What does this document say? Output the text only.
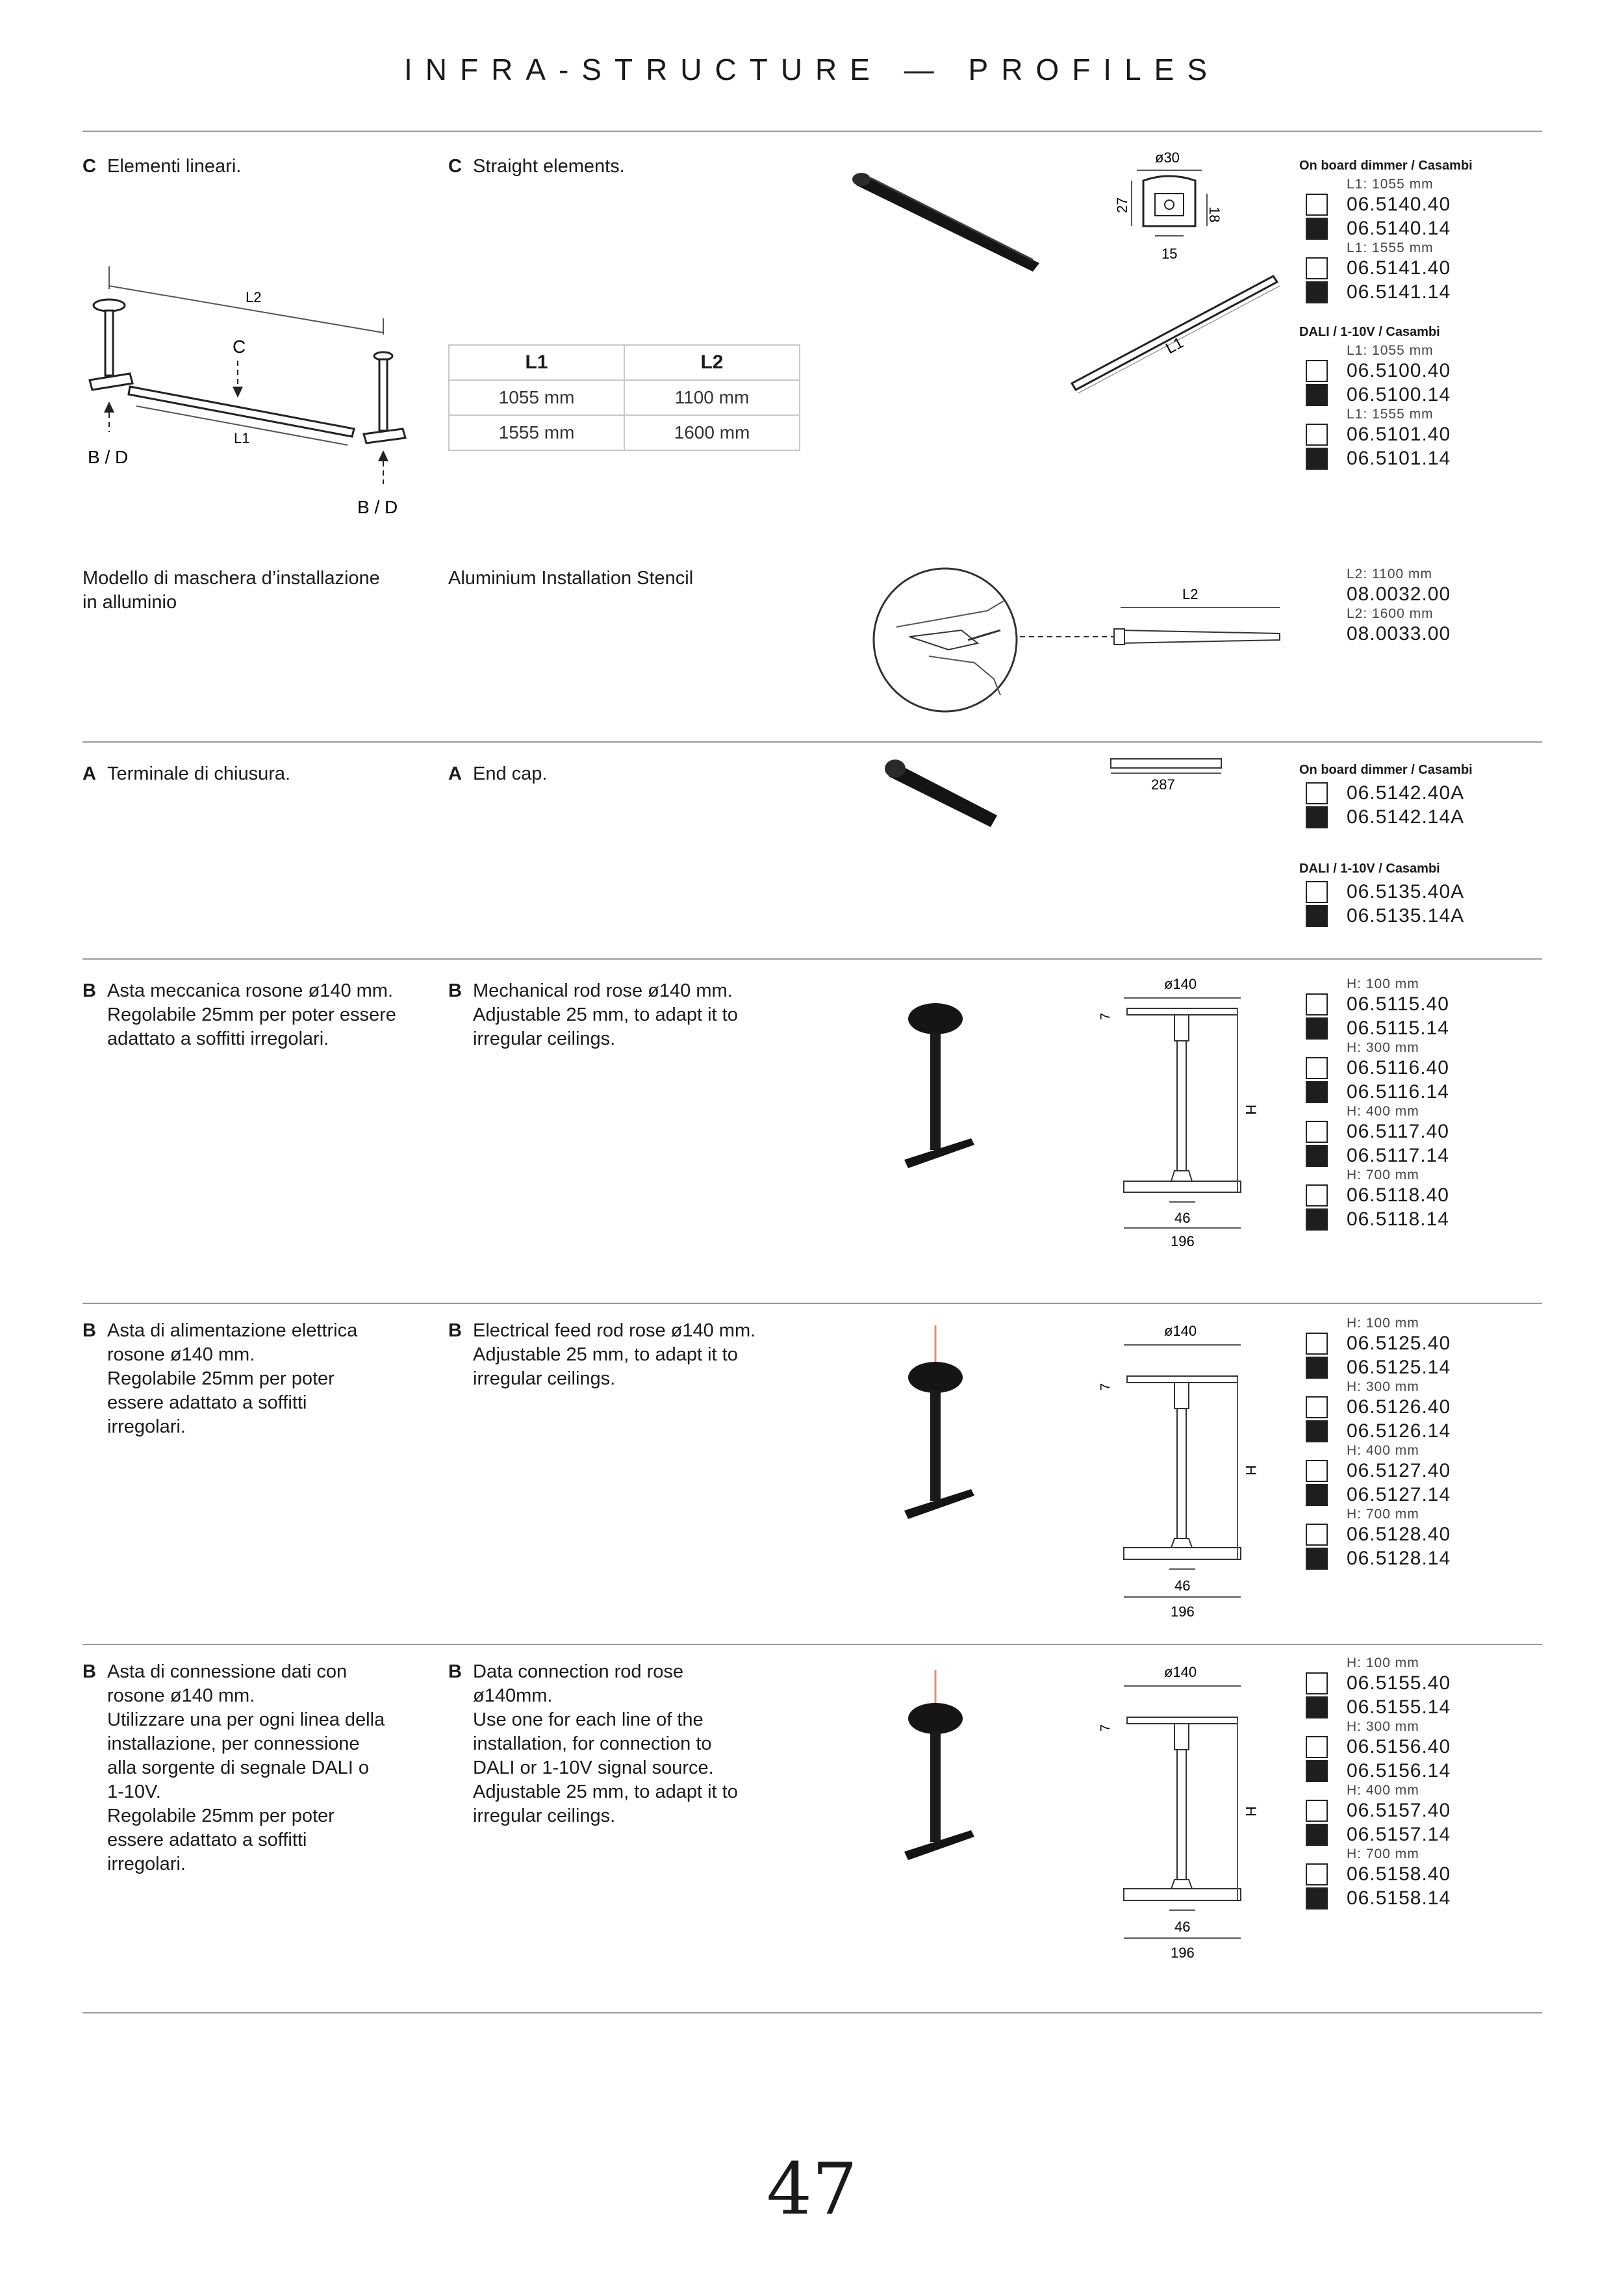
INFRA-STRUCTURE — PROFILES
C Elementi lineari.	C Straight elements.
L2
C
L1
B / D
B / D
L1	L2
1055 mm	1100 mm
1555 mm	1600 mm
ø30
27
18
15
L1
On board dimmer / Casambi
L1: 1055 mm
06.5140.40
06.5140.14
L1: 1555 mm
06.5141.40
06.5141.14
DALI / 1-10V / Casambi
L1: 1055 mm
06.5100.40
06.5100.14
L1: 1555 mm
06.5101.40
06.5101.14
Modello di maschera d’installazione
in alluminio
Aluminium Installation Stencil
L2
L2: 1100 mm
08.0032.00
L2: 1600 mm
08.0033.00
A Terminale di chiusura.	A End cap.
287
On board dimmer / Casambi
06.5142.40A
06.5142.14A
DALI / 1-10V / Casambi
06.5135.40A
06.5135.14A
B Asta meccanica rosone ø140 mm.
Regolabile 25mm per poter essere
adattato a soffitti irregolari.
B Mechanical rod rose ø140 mm.
Adjustable 25 mm, to adapt it to
irregular ceilings.
ø140
7
H
46
196
H: 100 mm
06.5115.40
06.5115.14
H: 300 mm
06.5116.40
06.5116.14
H: 400 mm
06.5117.40
06.5117.14
H: 700 mm
06.5118.40
06.5118.14
B Asta di alimentazione elettrica
rosone ø140 mm.
Regolabile 25mm per poter
essere adattato a soffitti
irregolari.
B Electrical feed rod rose ø140 mm.
Adjustable 25 mm, to adapt it to
irregular ceilings.
ø140
7
H
46
196
H: 100 mm
06.5125.40
06.5125.14
H: 300 mm
06.5126.40
06.5126.14
H: 400 mm
06.5127.40
06.5127.14
H: 700 mm
06.5128.40
06.5128.14
B Asta di connessione dati con
rosone ø140 mm.
Utilizzare una per ogni linea della
installazione, per connessione
alla sorgente di segnale DALI o
1-10V.
Regolabile 25mm per poter
essere adattato a soffitti
irregolari.
B Data connection rod rose
ø140mm.
Use one for each line of the
installation, for connection to
DALI or 1-10V signal source.
Adjustable 25 mm, to adapt it to
irregular ceilings.
ø140
7
H
46
196
H: 100 mm
06.5155.40
06.5155.14
H: 300 mm
06.5156.40
06.5156.14
H: 400 mm
06.5157.40
06.5157.14
H: 700 mm
06.5158.40
06.5158.14
47
